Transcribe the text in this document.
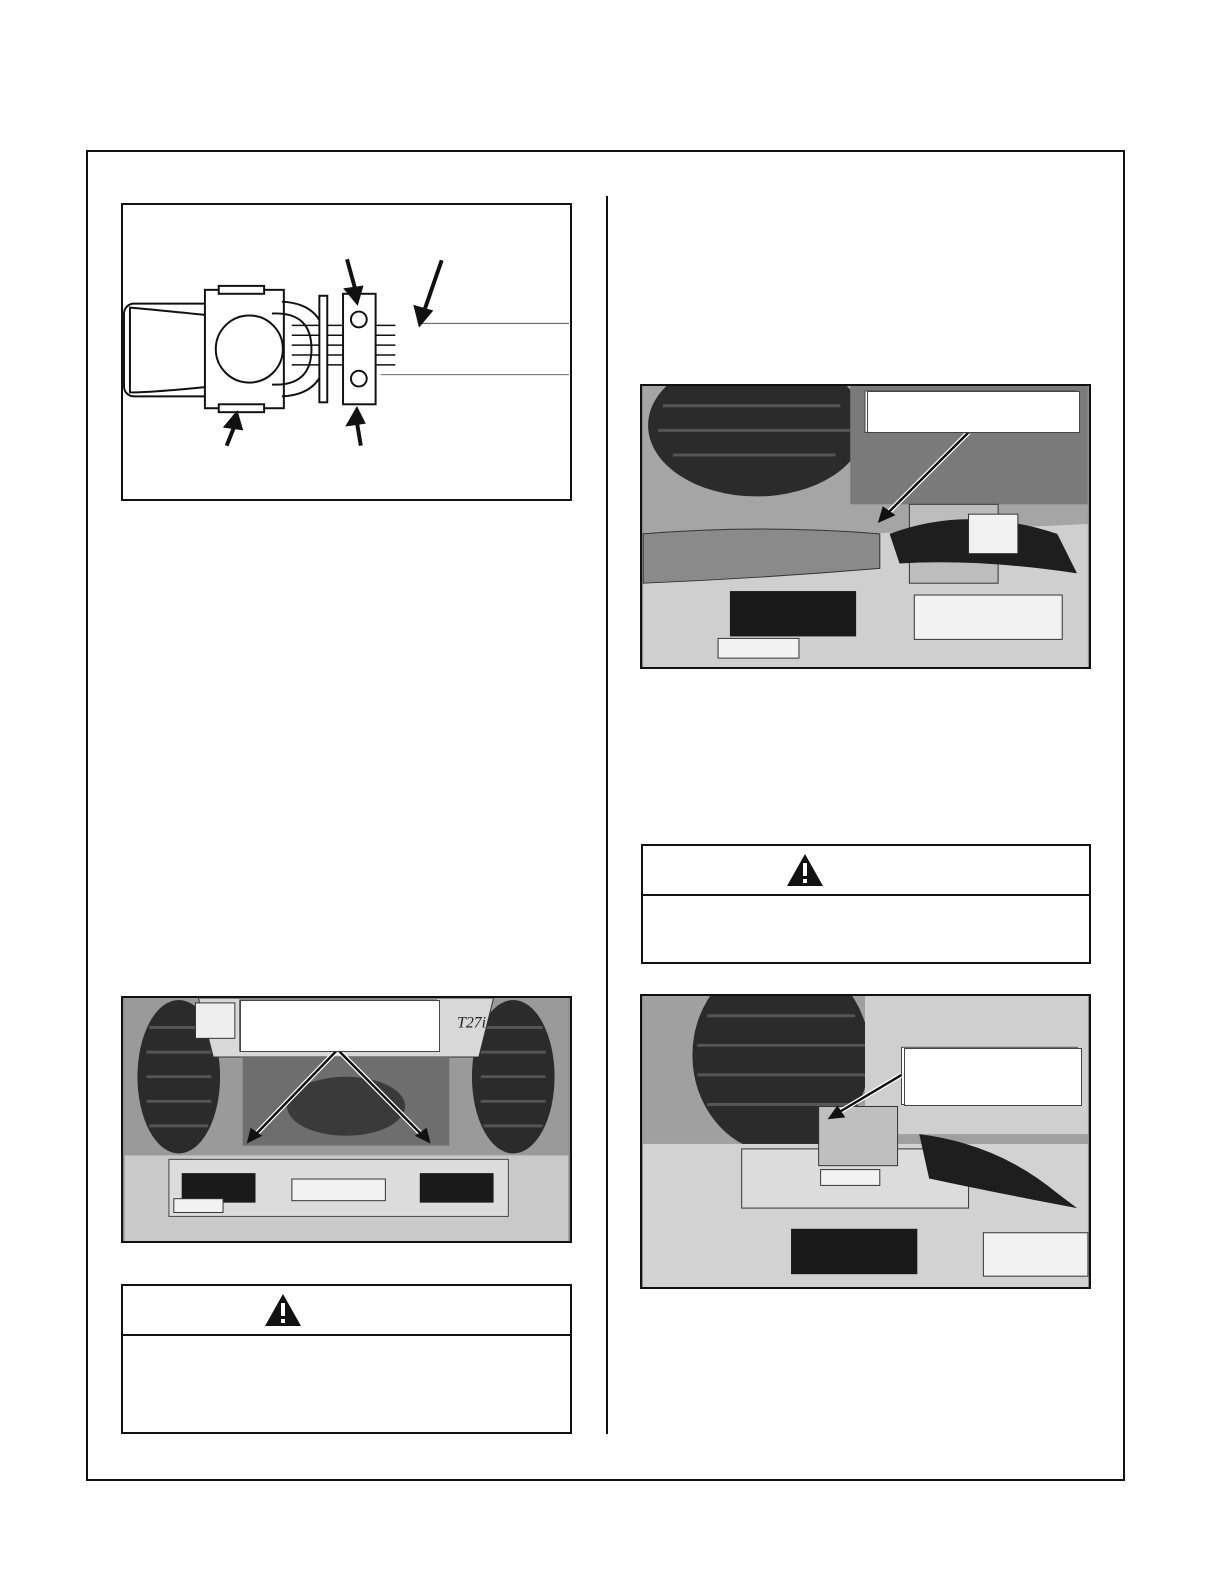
T27i
